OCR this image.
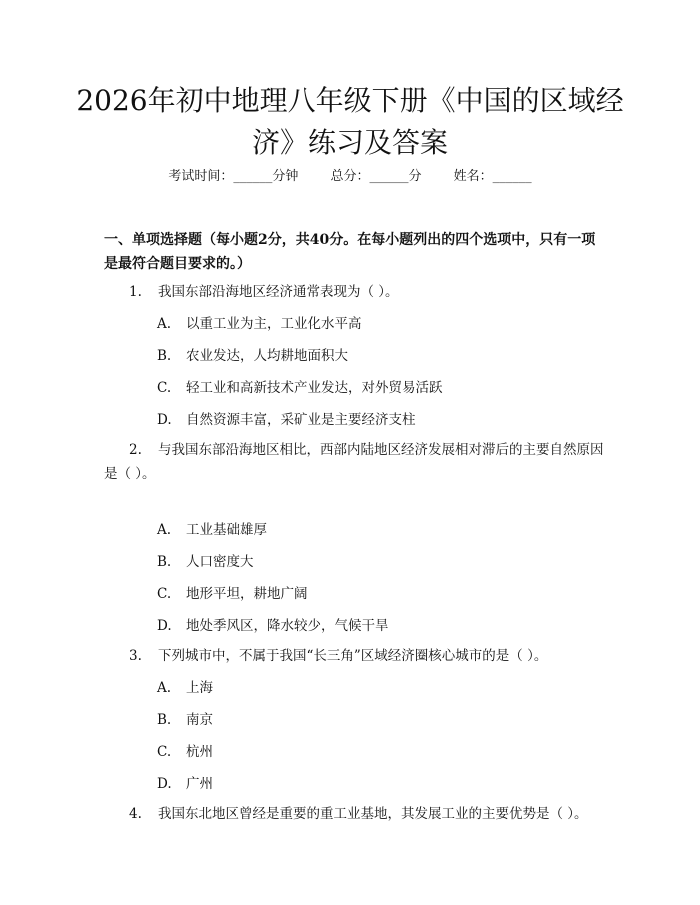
2026年初中地理八年级下册《中国的区域经
济》练习及答案
考试时间：______分钟 总分：______分 姓名：______
一、单项选择题（每小题2分，共40分。在每小题列出的四个选项中，只有一项是最符合题目要求的。）
1. 我国东部沿海地区经济通常表现为（ ）。
A. 以重工业为主，工业化水平高
B. 农业发达，人均耕地面积大
C. 轻工业和高新技术产业发达，对外贸易活跃
D. 自然资源丰富，采矿业是主要经济支柱
2. 与我国东部沿海地区相比，西部内陆地区经济发展相对滞后的主要自然原因是（ ）。
A. 工业基础雄厚
B. 人口密度大
C. 地形平坦，耕地广阔
D. 地处季风区，降水较少，气候干旱
3. 下列城市中，不属于我国“长三角”区域经济圈核心城市的是（ ）。
A. 上海
B. 南京
C. 杭州
D. 广州
4. 我国东北地区曾经是重要的重工业基地，其发展工业的主要优势是（ ）。
